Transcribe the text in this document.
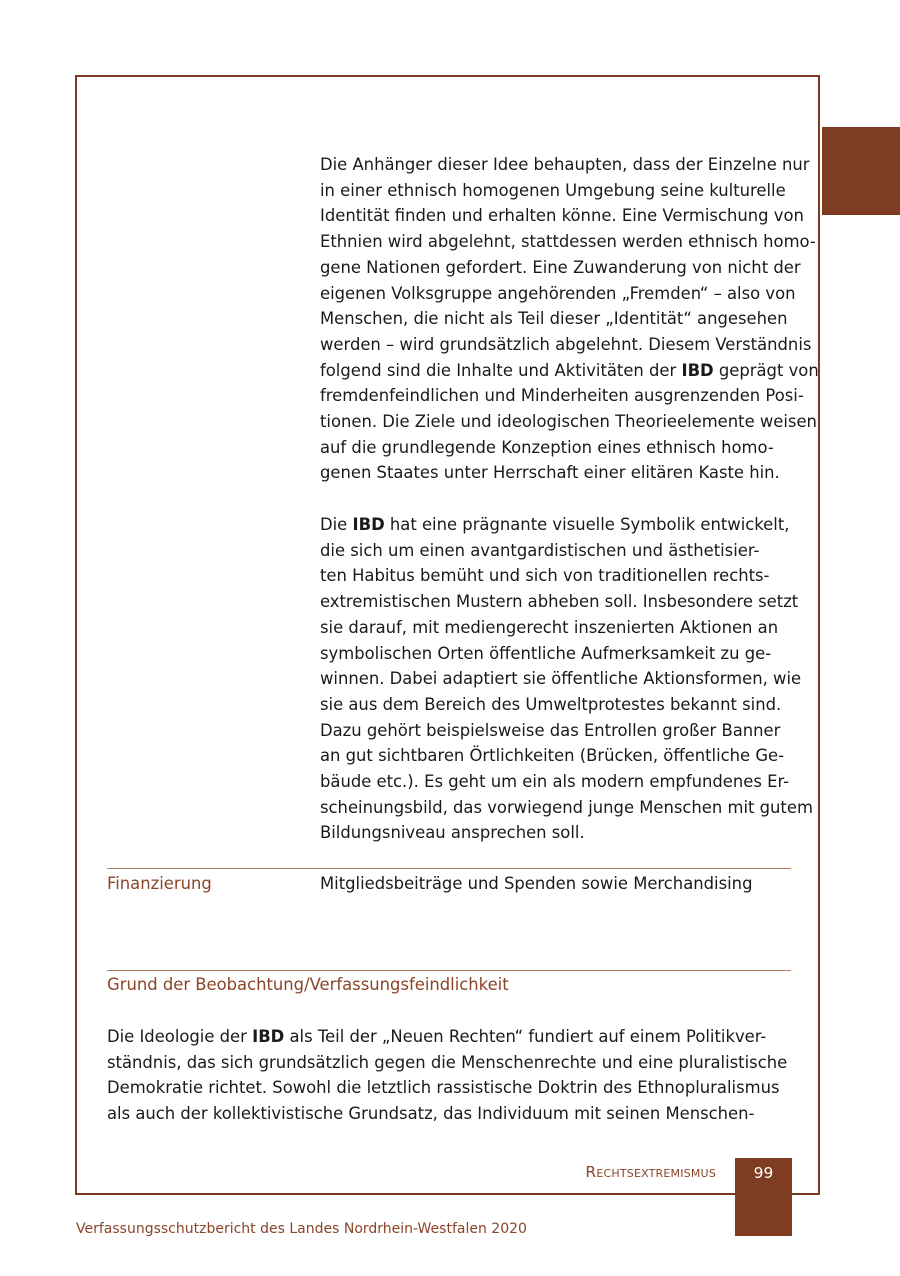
Die Anhänger dieser Idee behaupten, dass der Einzelne nur
in einer ethnisch homogenen Umgebung seine kulturelle
Identität finden und erhalten könne. Eine Vermischung von
Ethnien wird abgelehnt, stattdessen werden ethnisch homo-
gene Nationen gefordert. Eine Zuwanderung von nicht der
eigenen Volksgruppe angehörenden „Fremden“ – also von
Menschen, die nicht als Teil dieser „Identität“ angesehen
werden – wird grundsätzlich abgelehnt. Diesem Verständnis
folgend sind die Inhalte und Aktivitäten der IBD geprägt von
fremdenfeindlichen und Minderheiten ausgrenzenden Posi-
tionen. Die Ziele und ideologischen Theorieelemente weisen
auf die grundlegende Konzeption eines ethnisch homo-
genen Staates unter Herrschaft einer elitären Kaste hin.
Die IBD hat eine prägnante visuelle Symbolik entwickelt,
die sich um einen avantgardistischen und ästhetisier-
ten Habitus bemüht und sich von traditionellen rechts-
extremistischen Mustern abheben soll. Insbesondere setzt
sie darauf, mit mediengerecht inszenierten Aktionen an
symbolischen Orten öffentliche Aufmerksamkeit zu ge-
winnen. Dabei adaptiert sie öffentliche Aktionsformen, wie
sie aus dem Bereich des Umweltprotestes bekannt sind.
Dazu gehört beispielsweise das Entrollen großer Banner
an gut sichtbaren Örtlichkeiten (Brücken, öffentliche Ge-
bäude etc.). Es geht um ein als modern empfundenes Er-
scheinungsbild, das vorwiegend junge Menschen mit gutem
Bildungsniveau ansprechen soll.
Finanzierung	Mitgliedsbeiträge und Spenden sowie Merchandising
Grund der Beobachtung/Verfassungsfeindlichkeit

Die Ideologie der IBD als Teil der „Neuen Rechten“ fundiert auf einem Politikver-
ständnis, das sich grundsätzlich gegen die Menschenrechte und eine pluralistische
Demokratie richtet. Sowohl die letztlich rassistische Doktrin des Ethnopluralismus
als auch der kollektivistische Grundsatz, das Individuum mit seinen Menschen-

Rechtsextremismus	99
Verfassungsschutzbericht des Landes Nordrhein-Westfalen 2020
